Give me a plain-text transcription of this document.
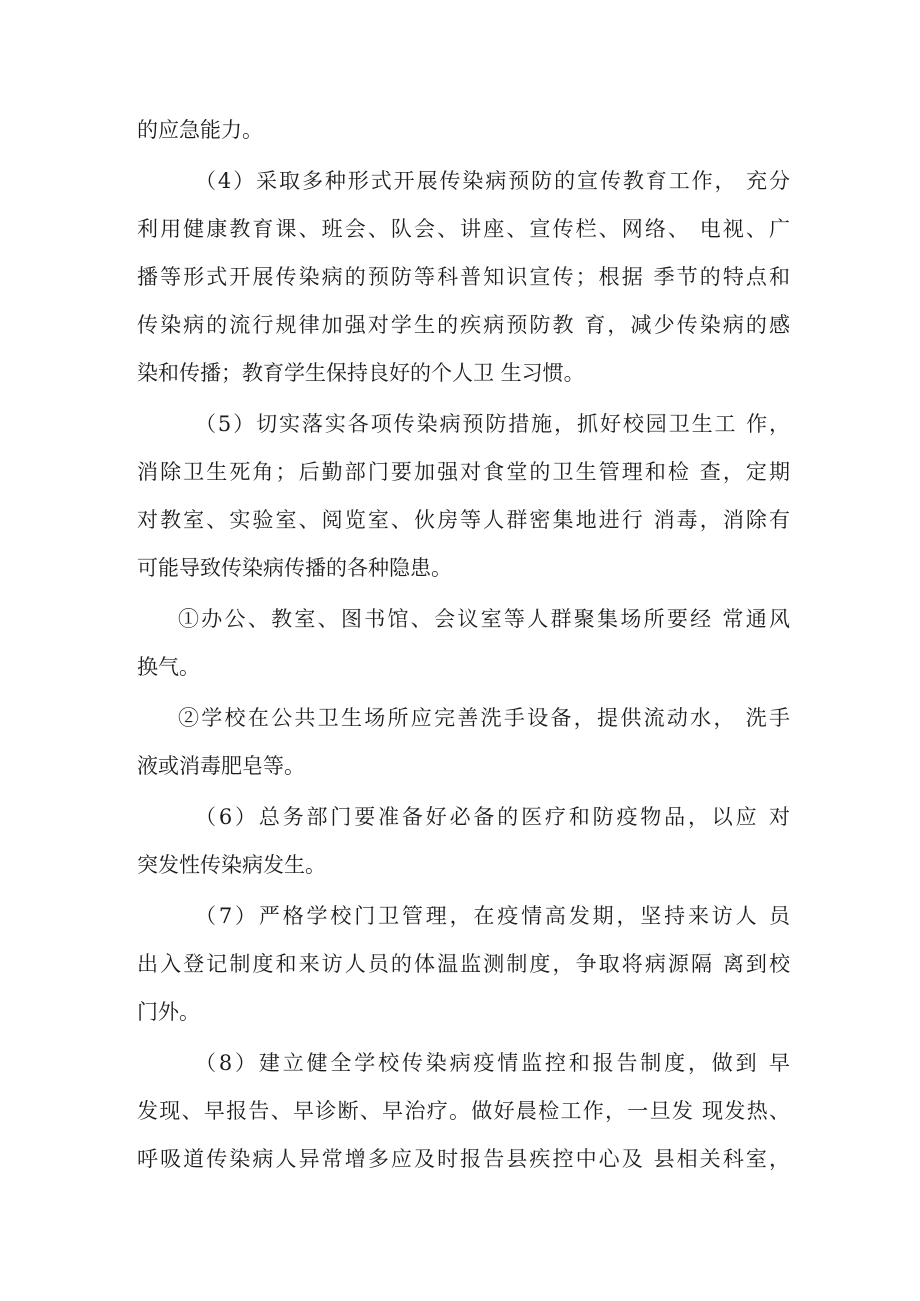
的应急能力。
（4）采取多种形式开展传染病预防的宣传教育工作， 充分
利用健康教育课、班会、队会、讲座、宣传栏、网络、 电视、广
播等形式开展传染病的预防等科普知识宣传；根据 季节的特点和
传染病的流行规律加强对学生的疾病预防教 育，减少传染病的感
染和传播；教育学生保持良好的个人卫 生习惯。
（5）切实落实各项传染病预防措施，抓好校园卫生工 作，
消除卫生死角；后勤部门要加强对食堂的卫生管理和检 查，定期
对教室、实验室、阅览室、伙房等人群密集地进行 消毒，消除有
可能导致传染病传播的各种隐患。
①办公、教室、图书馆、会议室等人群聚集场所要经 常通风
换气。
②学校在公共卫生场所应完善洗手设备，提供流动水， 洗手
液或消毒肥皂等。
（6）总务部门要准备好必备的医疗和防疫物品，以应 对
突发性传染病发生。
（7）严格学校门卫管理，在疫情高发期，坚持来访人 员
出入登记制度和来访人员的体温监测制度，争取将病源隔 离到校
门外。
（8）建立健全学校传染病疫情监控和报告制度，做到 早
发现、早报告、早诊断、早治疗。做好晨检工作，一旦发 现发热、
呼吸道传染病人异常增多应及时报告县疾控中心及 县相关科室，
